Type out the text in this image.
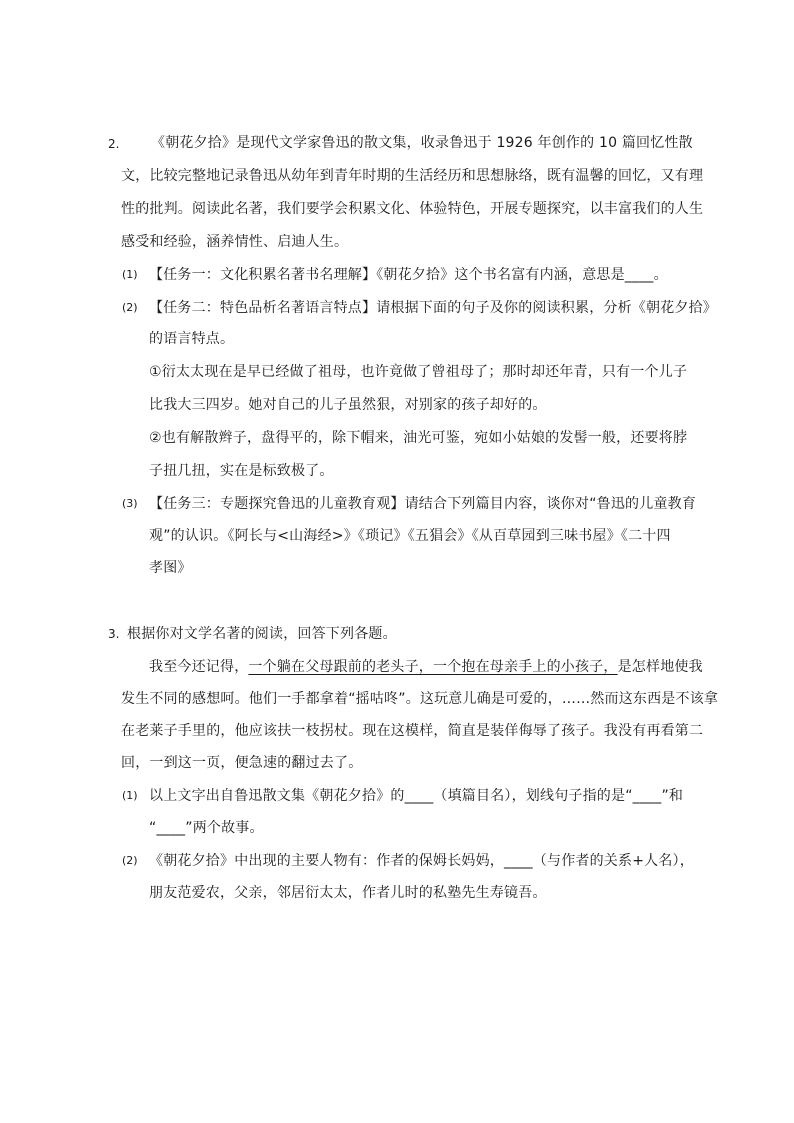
2. 《朝花夕拾》是现代文学家鲁迅的散文集，收录鲁迅于 1926 年创作的 10 篇回忆性散
文，比较完整地记录鲁迅从幼年到青年时期的生活经历和思想脉络，既有温馨的回忆，又有理
性的批判。阅读此名著，我们要学会积累文化、体验特色，开展专题探究，以丰富我们的人生
感受和经验，涵养情性、启迪人生。
(1) 【任务一：文化积累名著书名理解】《朝花夕拾》这个书名富有内涵，意思是____。
(2) 【任务二：特色品析名著语言特点】请根据下面的句子及你的阅读积累，分析《朝花夕拾》
的语言特点。
①衍太太现在是早已经做了祖母，也许竟做了曾祖母了；那时却还年青，只有一个儿子
比我大三四岁。她对自己的儿子虽然狠，对别家的孩子却好的。
②也有解散辫子，盘得平的，除下帽来，油光可鉴，宛如小姑娘的发髻一般，还要将脖
子扭几扭，实在是标致极了。
(3) 【任务三：专题探究鲁迅的儿童教育观】请结合下列篇目内容，谈你对“鲁迅的儿童教育
观”的认识。《阿长与<山海经>》《琐记》《五猖会》《从百草园到三味书屋》《二十四
孝图》
3. 根据你对文学名著的阅读，回答下列各题。
我至今还记得，一个躺在父母跟前的老头子，一个抱在母亲手上的小孩子，是怎样地使我
发生不同的感想呵。他们一手都拿着“摇咕咚”。这玩意儿确是可爱的，……然而这东西是不该拿
在老莱子手里的，他应该扶一枝拐杖。现在这模样，简直是装佯侮辱了孩子。我没有再看第二
回，一到这一页，便急速的翻过去了。
(1) 以上文字出自鲁迅散文集《朝花夕拾》的____（填篇目名），划线句子指的是“____”和
“____”两个故事。
(2) 《朝花夕拾》中出现的主要人物有：作者的保姆长妈妈，____（与作者的关系+人名），
朋友范爱农，父亲，邻居衍太太，作者儿时的私塾先生寿镜吾。
